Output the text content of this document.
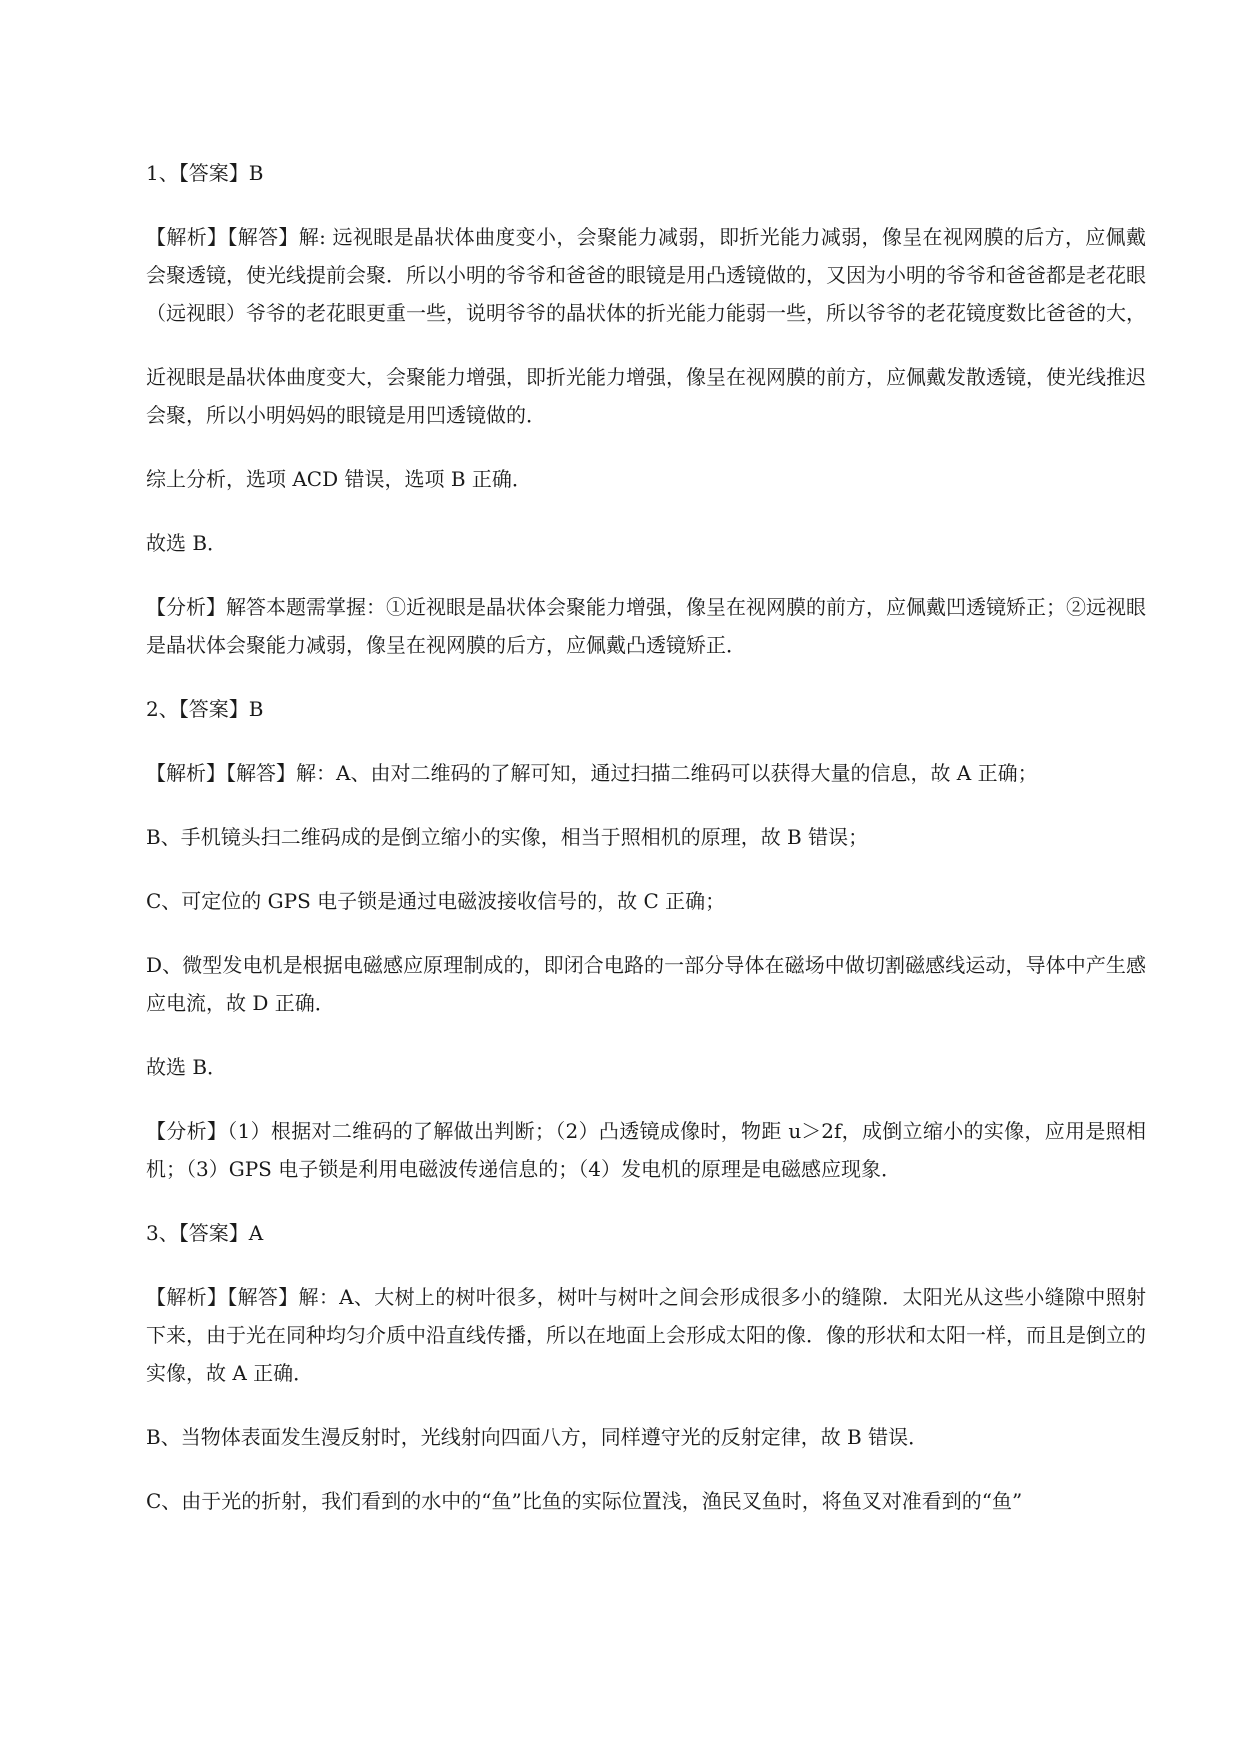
1、【答案】B

【解析】【解答】解: 远视眼是晶状体曲度变小，会聚能力减弱，即折光能力减弱，像呈在视网膜的后方，应佩戴会聚透镜，使光线提前会聚．所以小明的爷爷和爸爸的眼镜是用凸透镜做的，又因为小明的爷爷和爸爸都是老花眼（远视眼）爷爷的老花眼更重一些，说明爷爷的晶状体的折光能力能弱一些，所以爷爷的老花镜度数比爸爸的大，

近视眼是晶状体曲度变大，会聚能力增强，即折光能力增强，像呈在视网膜的前方，应佩戴发散透镜，使光线推迟会聚，所以小明妈妈的眼镜是用凹透镜做的．

综上分析，选项 ACD 错误，选项 B 正确．

故选 B．

【分析】解答本题需掌握：①近视眼是晶状体会聚能力增强，像呈在视网膜的前方，应佩戴凹透镜矫正；②远视眼是晶状体会聚能力减弱，像呈在视网膜的后方，应佩戴凸透镜矫正．

2、【答案】B

【解析】【解答】解：A、由对二维码的了解可知，通过扫描二维码可以获得大量的信息，故 A 正确；

B、手机镜头扫二维码成的是倒立缩小的实像，相当于照相机的原理，故 B 错误；

C、可定位的 GPS 电子锁是通过电磁波接收信号的，故 C 正确；

D、微型发电机是根据电磁感应原理制成的，即闭合电路的一部分导体在磁场中做切割磁感线运动，导体中产生感应电流，故 D 正确．

故选 B．

【分析】（1）根据对二维码的了解做出判断；（2）凸透镜成像时，物距 u＞2f，成倒立缩小的实像，应用是照相机；（3）GPS 电子锁是利用电磁波传递信息的；（4）发电机的原理是电磁感应现象．

3、【答案】A

【解析】【解答】解：A、大树上的树叶很多，树叶与树叶之间会形成很多小的缝隙．太阳光从这些小缝隙中照射下来，由于光在同种均匀介质中沿直线传播，所以在地面上会形成太阳的像．像的形状和太阳一样，而且是倒立的实像，故 A 正确．

B、当物体表面发生漫反射时，光线射向四面八方，同样遵守光的反射定律，故 B 错误．

C、由于光的折射，我们看到的水中的“鱼”比鱼的实际位置浅，渔民叉鱼时，将鱼叉对准看到的“鱼”
